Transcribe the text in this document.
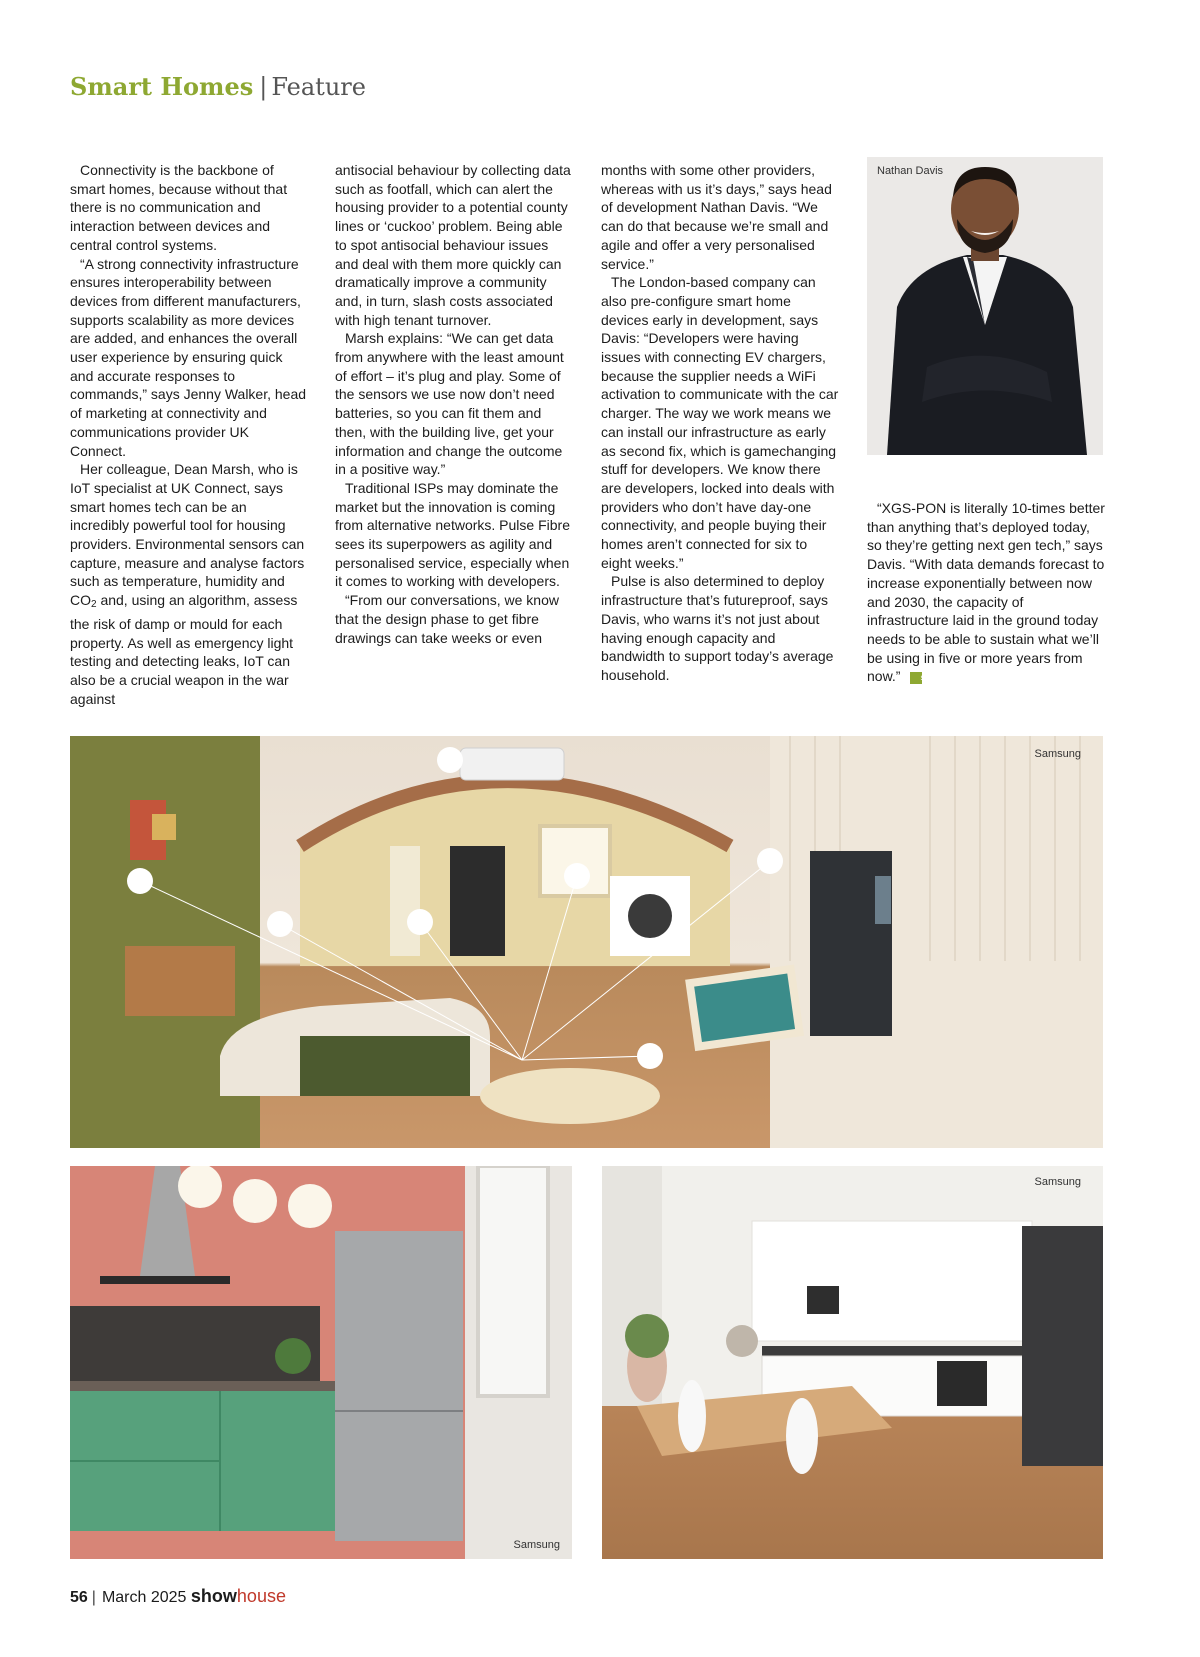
Smart Homes | Feature

Connectivity is the backbone of smart homes, because without that there is no communication and interaction between devices and central control systems.

“A strong connectivity infrastructure ensures interoperability between devices from different manufacturers, supports scalability as more devices are added, and enhances the overall user experience by ensuring quick and accurate responses to commands,” says Jenny Walker, head of marketing at connectivity and communications provider UK Connect.

Her colleague, Dean Marsh, who is IoT specialist at UK Connect, says smart homes tech can be an incredibly powerful tool for housing providers. Environmental sensors can capture, measure and analyse factors such as temperature, humidity and $CO_2$ and, using an algorithm, assess the risk of damp or mould for each property. As well as emergency light testing and detecting leaks, IoT can also be a crucial weapon in the war against

antisocial behaviour by collecting data such as footfall, which can alert the housing provider to a potential county lines or ‘cuckoo’ problem. Being able to spot antisocial behaviour issues and deal with them more quickly can dramatically improve a community and, in turn, slash costs associated with high tenant turnover.

Marsh explains: “We can get data from anywhere with the least amount of effort – it’s plug and play. Some of the sensors we use now don’t need batteries, so you can fit them and then, with the building live, get your information and change the outcome in a positive way.”

Traditional ISPs may dominate the market but the innovation is coming from alternative networks. Pulse Fibre sees its superpowers as agility and personalised service, especially when it comes to working with developers.

“From our conversations, we know that the design phase to get fibre drawings can take weeks or even

months with some other providers, whereas with us it’s days,” says head of development Nathan Davis. “We can do that because we’re small and agile and offer a very personalised service.”

The London-based company can also pre-configure smart home devices early in development, says Davis: “Developers were having issues with connecting EV chargers, because the supplier needs a WiFi activation to communicate with the car charger. The way we work means we can install our infrastructure as early as second fix, which is gamechanging stuff for developers. We know there are developers, locked into deals with providers who don’t have day-one connectivity, and people buying their homes aren’t connected for six to eight weeks.”

Pulse is also determined to deploy infrastructure that’s futureproof, says Davis, who warns it’s not just about having enough capacity and bandwidth to support today’s average household.

Nathan Davis

“XGS-PON is literally 10-times better than anything that’s deployed today, so they’re getting next gen tech,” says Davis. “With data demands forecast to increase exponentially between now and 2030, the capacity of infrastructure laid in the ground today needs to be able to sustain what we’ll be using in five or more years from now.”	sh

Samsung
Samsung
Samsung
56 | March 2025 showhouse
